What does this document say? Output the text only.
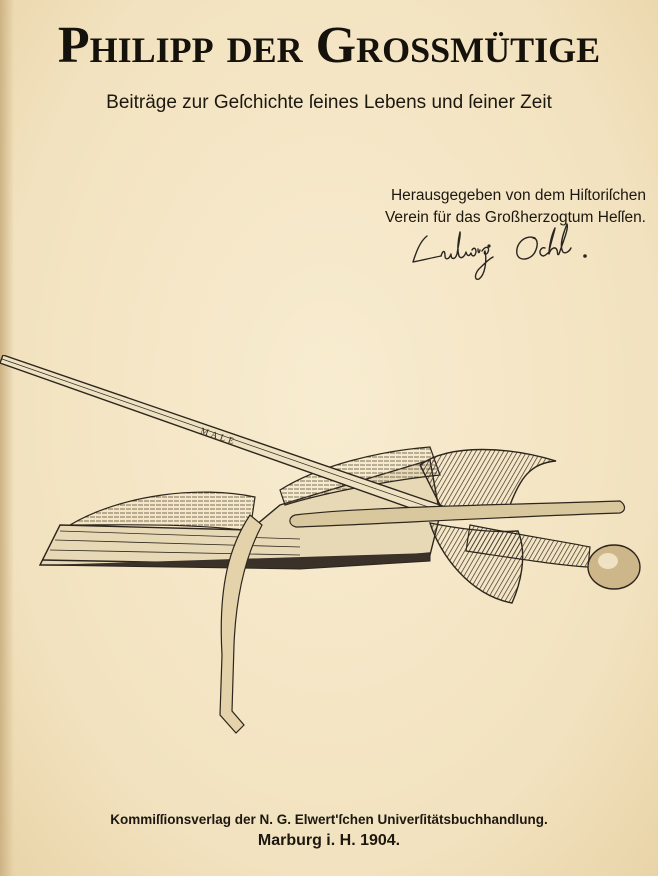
Philipp der Grossmütige
Beiträge zur Geſchichte ſeines Lebens und ſeiner Zeit
Herausgegeben von dem Hiſtoriſchen
Verein für das Großherzogtum Heſſen.
MALE
Kommiſſionsverlag der N. G. Elwert'ſchen Univerſitätsbuchhandlung.
Marburg i. H. 1904.
